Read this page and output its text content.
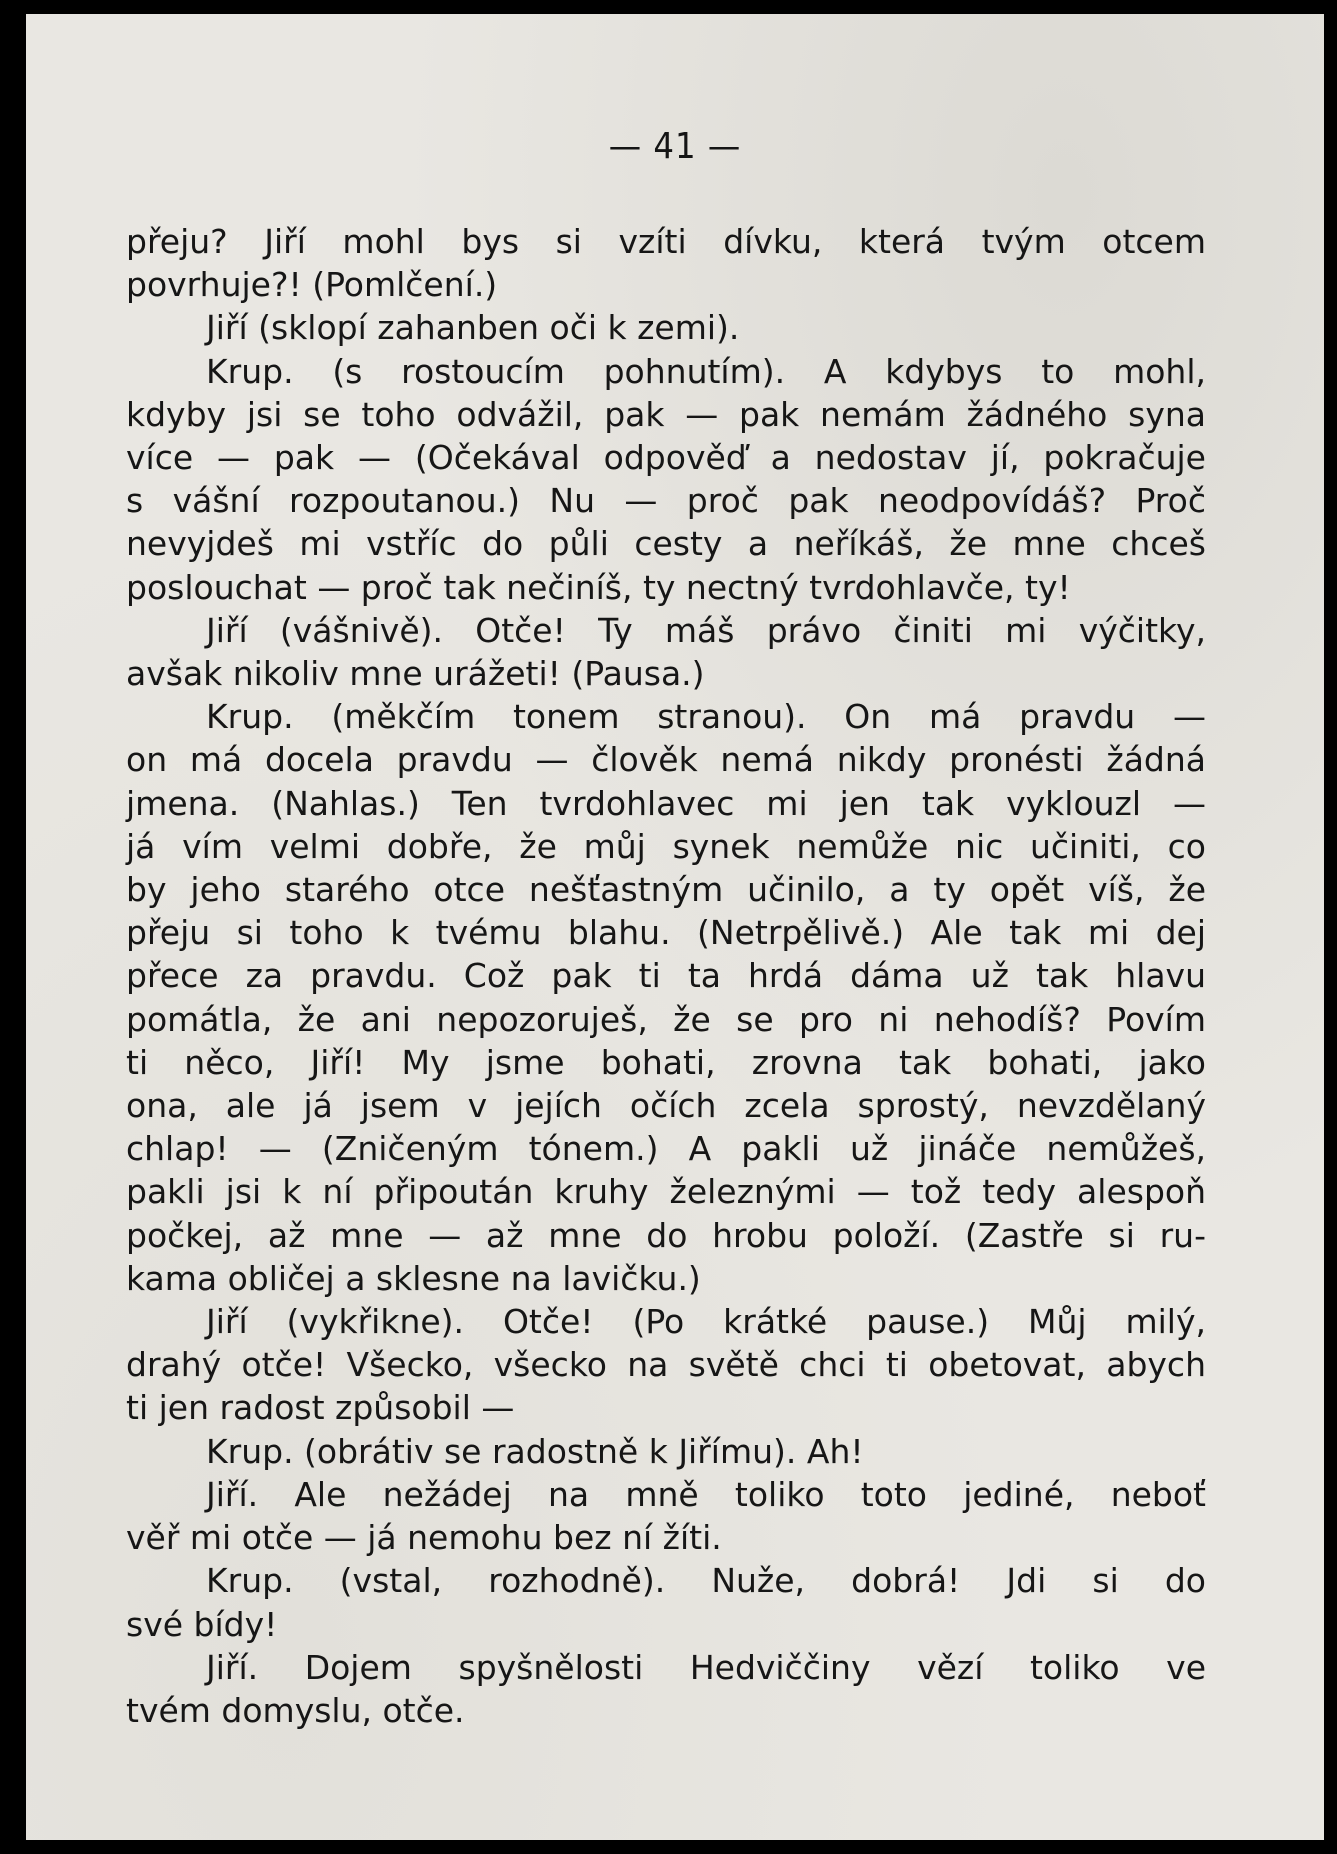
— 41 —
přeju? Jiří mohl bys si vzíti dívku, která tvým otcem
povrhuje?! (Pomlčení.)
Jiří (sklopí zahanben oči k zemi).
Krup. (s rostoucím pohnutím). A kdybys to mohl,
kdyby jsi se toho odvážil, pak — pak nemám žádného syna
více — pak — (Očekával odpověď a nedostav jí, pokračuje
s vášní rozpoutanou.) Nu — proč pak neodpovídáš? Proč
nevyjdeš mi vstříc do půli cesty a neříkáš, že mne chceš
poslouchat — proč tak nečiníš, ty nectný tvrdohlavče, ty!
Jiří (vášnivě). Otče! Ty máš právo činiti mi výčitky,
avšak nikoliv mne urážeti! (Pausa.)
Krup. (měkčím tonem stranou). On má pravdu —
on má docela pravdu — člověk nemá nikdy pronésti žádná
jmena. (Nahlas.) Ten tvrdohlavec mi jen tak vyklouzl —
já vím velmi dobře, že můj synek nemůže nic učiniti, co
by jeho starého otce nešťastným učinilo, a ty opět víš, že
přeju si toho k tvému blahu. (Netrpělivě.) Ale tak mi dej
přece za pravdu. Což pak ti ta hrdá dáma už tak hlavu
pomátla, že ani nepozoruješ, že se pro ni nehodíš? Povím
ti něco, Jiří! My jsme bohati, zrovna tak bohati, jako
ona, ale já jsem v jejích očích zcela sprostý, nevzdělaný
chlap! — (Zničeným tónem.) A pakli už jináče nemůžeš,
pakli jsi k ní připoután kruhy železnými — tož tedy alespoň
počkej, až mne — až mne do hrobu položí. (Zastře si ru-
kama obličej a sklesne na lavičku.)
Jiří (vykřikne). Otče! (Po krátké pause.) Můj milý,
drahý otče! Všecko, všecko na světě chci ti obetovat, abych
ti jen radost způsobil —
Krup. (obrátiv se radostně k Jiřímu). Ah!
Jiří. Ale nežádej na mně toliko toto jediné, neboť
věř mi otče — já nemohu bez ní žíti.
Krup. (vstal, rozhodně). Nuže, dobrá! Jdi si do
své bídy!
Jiří. Dojem spyšnělosti Hedviččiny vězí toliko ve
tvém domyslu, otče.
